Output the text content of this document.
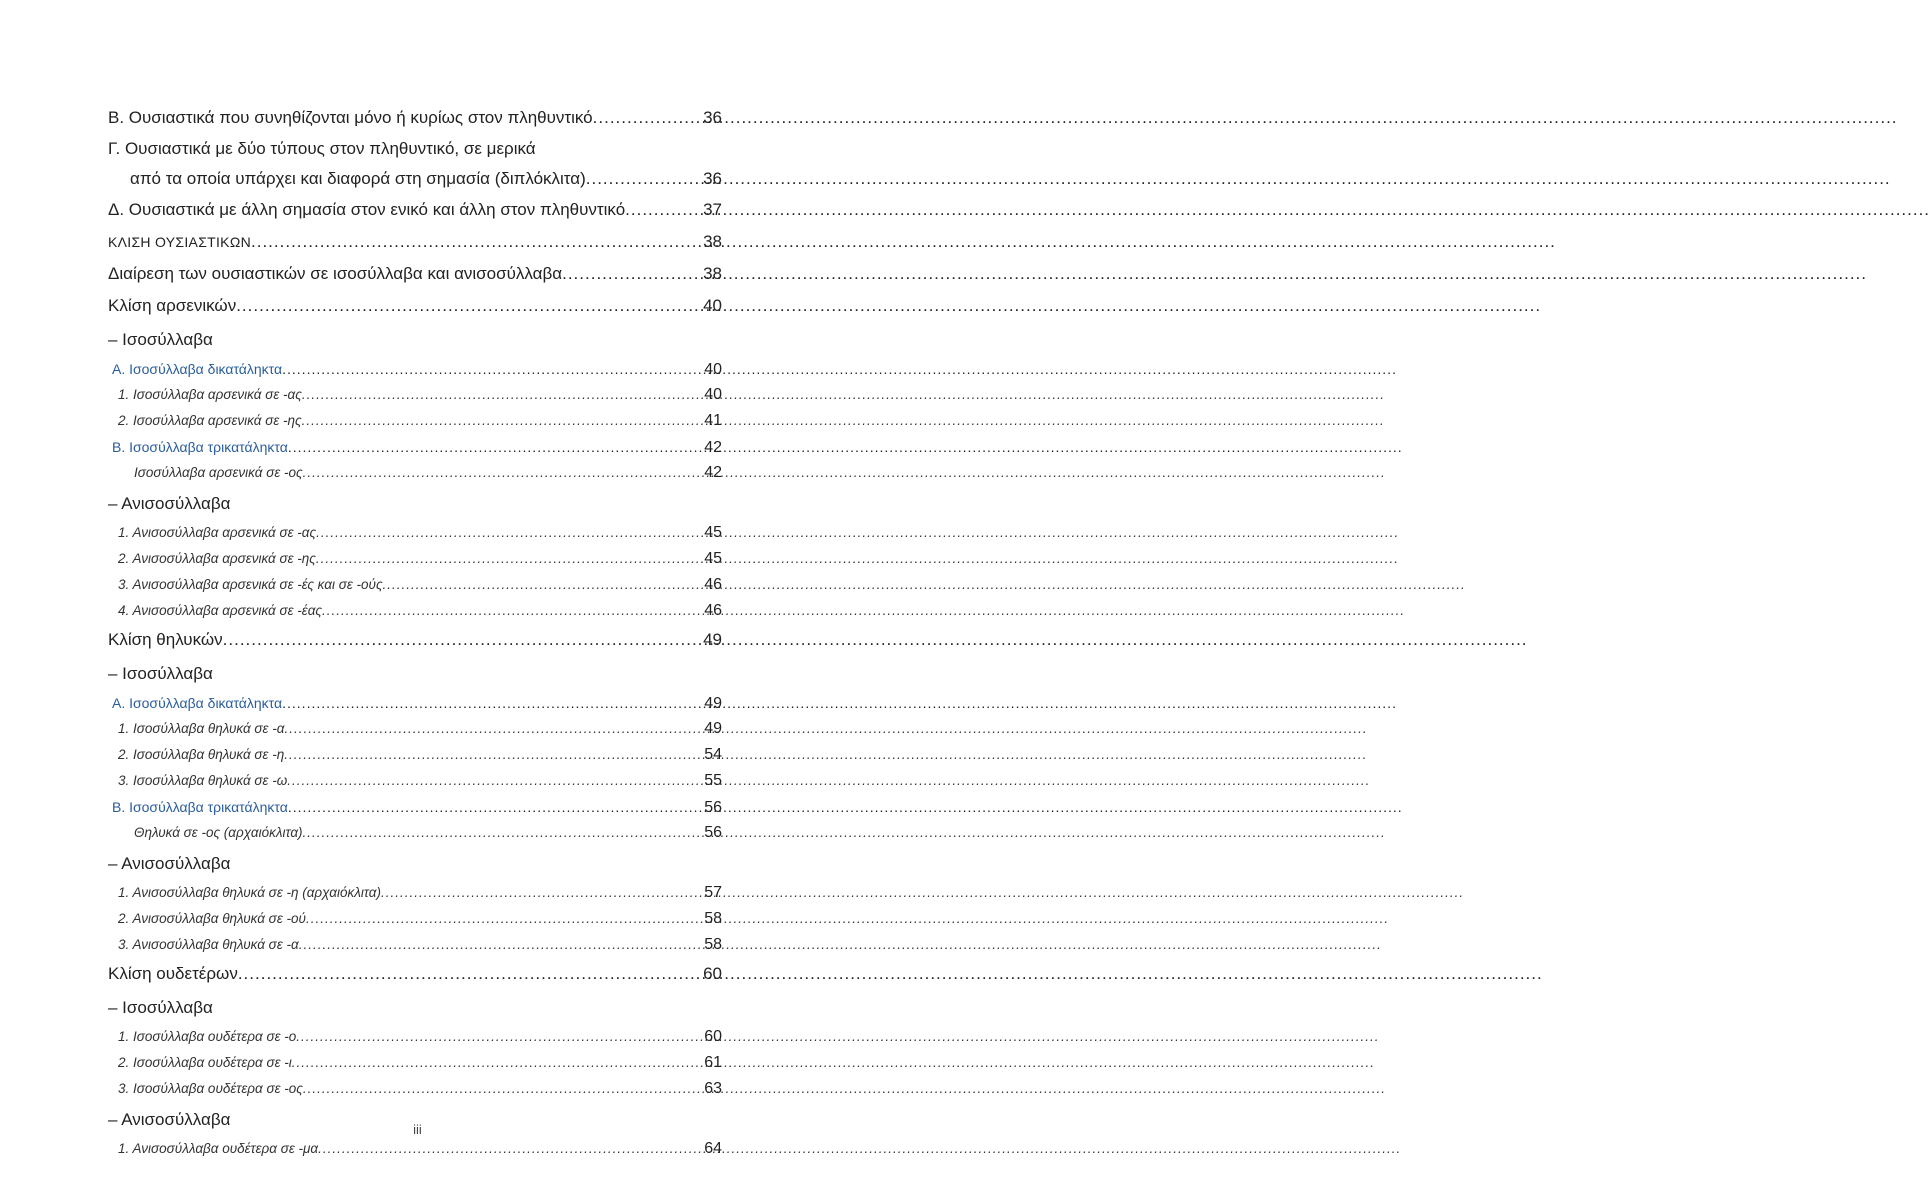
Β. Ουσιαστικά που συνηθίζονται μόνο ή κυρίως στον πληθυντικό .....	36
Γ. Ουσιαστικά με δύο τύπους στον πληθυντικό, σε μερικά
από τα οποία υπάρχει και διαφορά στη σημασία (διπλόκλιτα) .....	36
Δ. Ουσιαστικά με άλλη σημασία στον ενικό και άλλη στον πληθυντικό .....	37
ΚΛΙΣΗ ΟΥΣΙΑΣΤΙΚΩΝ .....	38
Διαίρεση των ουσιαστικών σε ισοσύλλαβα και ανισοσύλλαβα .....	38
Κλίση αρσενικών .....	40
– Ισοσύλλαβα
Α. Ισοσύλλαβα δικατάληκτα .....	40
1. Ισοσύλλαβα αρσενικά σε -ας .....	40
2. Ισοσύλλαβα αρσενικά σε -ης .....	41
Β. Ισοσύλλαβα τρικατάληκτα .....	42
Ισοσύλλαβα αρσενικά σε -ος .....	42
– Ανισοσύλλαβα
1. Ανισοσύλλαβα αρσενικά σε -ας .....	45
2. Ανισοσύλλαβα αρσενικά σε -ης .....	45
3. Ανισοσύλλαβα αρσενικά σε -ές και σε -ούς .....	46
4. Ανισοσύλλαβα αρσενικά σε -έας .....	46
Κλίση θηλυκών .....	49
– Ισοσύλλαβα
Α. Ισοσύλλαβα δικατάληκτα .....	49
1. Ισοσύλλαβα θηλυκά σε -α .....	49
2. Ισοσύλλαβα θηλυκά σε -η .....	54
3. Ισοσύλλαβα θηλυκά σε -ω .....	55
Β. Ισοσύλλαβα τρικατάληκτα .....	56
Θηλυκά σε -ος (αρχαιόκλιτα) .....	56
– Ανισοσύλλαβα
1. Ανισοσύλλαβα θηλυκά σε -η (αρχαιόκλιτα) .....	57
2. Ανισοσύλλαβα θηλυκά σε -ού .....	58
3. Ανισοσύλλαβα θηλυκά σε -α .....	58
Κλίση ουδετέρων .....	60
– Ισοσύλλαβα
1. Ισοσύλλαβα ουδέτερα σε -ο .....	60
2. Ισοσύλλαβα ουδέτερα σε -ι .....	61
3. Ισοσύλλαβα ουδέτερα σε -ος .....	63
– Ανισοσύλλαβα
1. Ανισοσύλλαβα ουδέτερα σε -μα .....	64
iii
